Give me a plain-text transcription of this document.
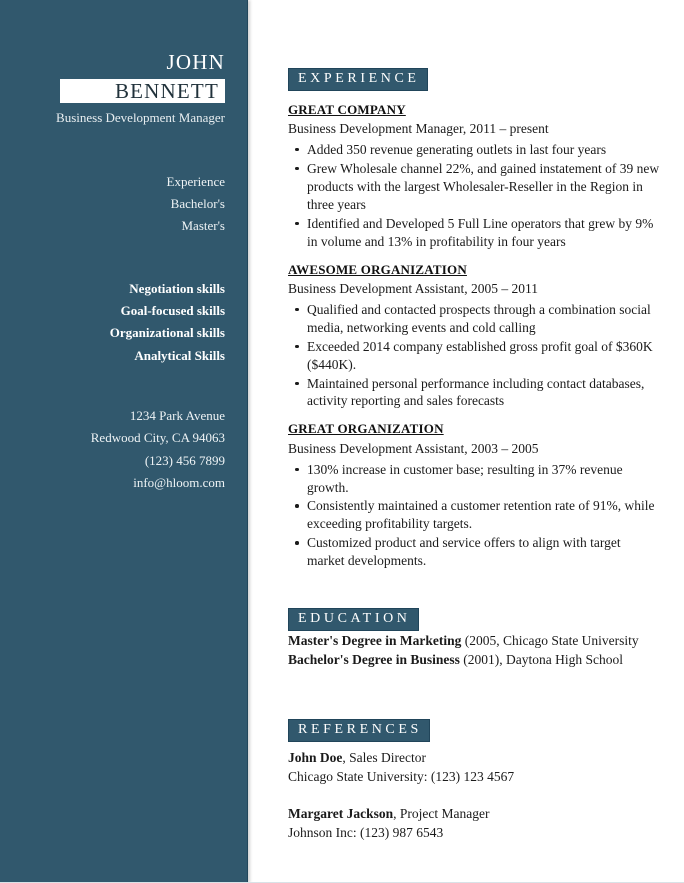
JOHN
BENNETT
Business Development Manager
Experience
Bachelor's
Master's
Negotiation skills
Goal-focused skills
Organizational skills
Analytical Skills
1234 Park Avenue
Redwood City, CA 94063
(123) 456 7899
info@hloom.com
EXPERIENCE
GREAT COMPANY
Business Development Manager, 2011 – present
Added 350 revenue generating outlets in last four years
Grew Wholesale channel 22%, and gained instatement of 39 new products with the largest Wholesaler-Reseller in the Region in three years
Identified and Developed 5 Full Line operators that grew by 9% in volume and 13% in profitability in four years
AWESOME ORGANIZATION
Business Development Assistant, 2005 – 2011
Qualified and contacted prospects through a combination social media, networking events and cold calling
Exceeded 2014 company established gross profit goal of $360K ($440K).
Maintained personal performance including contact databases, activity reporting and sales forecasts
GREAT ORGANIZATION
Business Development Assistant, 2003 – 2005
130% increase in customer base; resulting in 37% revenue growth.
Consistently maintained a customer retention rate of 91%, while exceeding profitability targets.
Customized product and service offers to align with target market developments.
EDUCATION
Master's Degree in Marketing (2005, Chicago State University
Bachelor's Degree in Business (2001), Daytona High School
REFERENCES
John Doe, Sales Director
Chicago State University: (123) 123 4567
Margaret Jackson, Project Manager
Johnson Inc: (123) 987 6543
